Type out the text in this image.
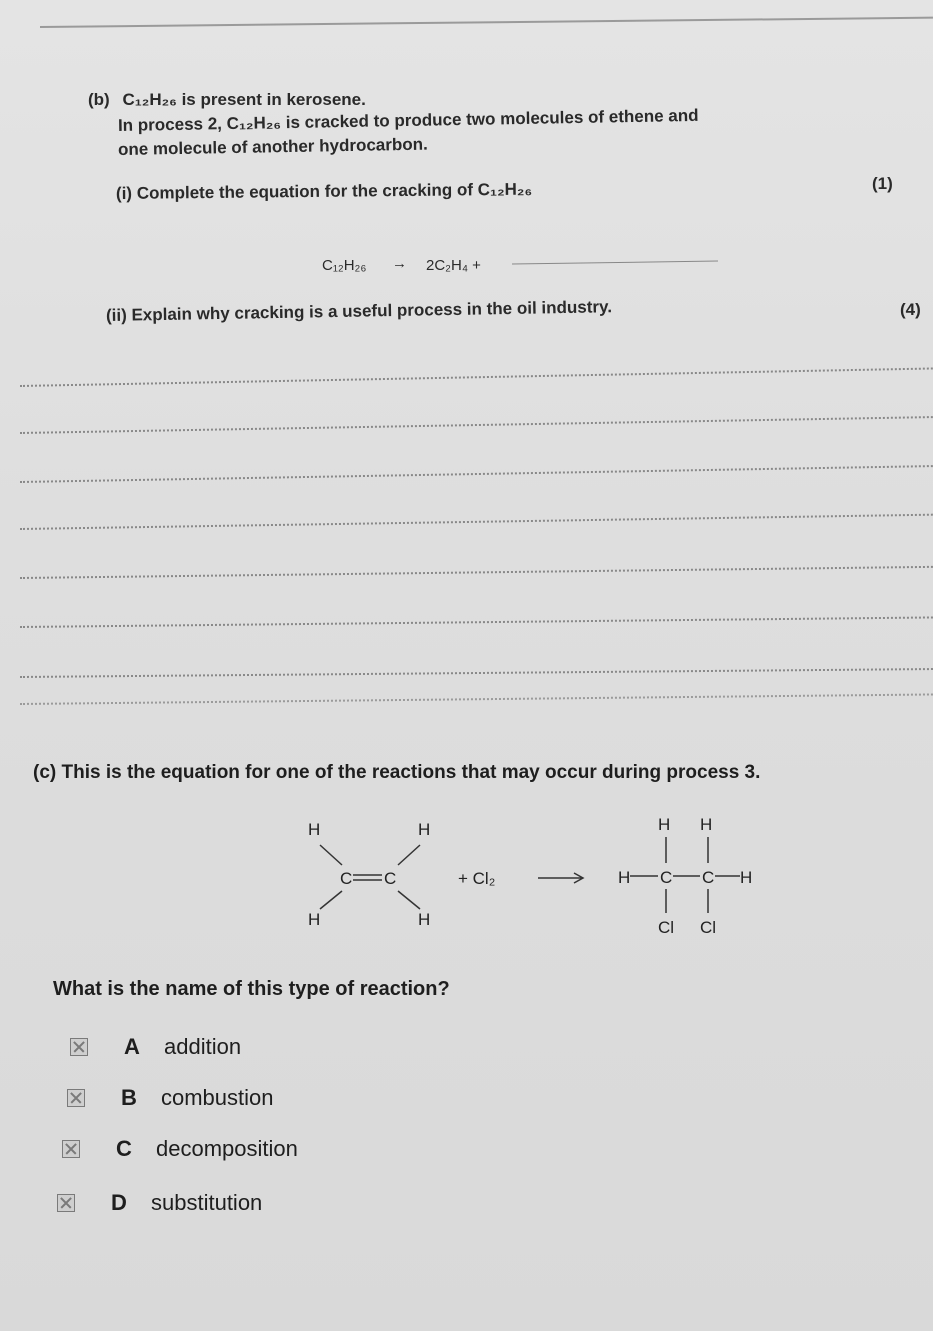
(b) C₁₂H₂₆ is present in kerosene.
In process 2, C₁₂H₂₆ is cracked to produce two molecules of ethene and
one molecule of another hydrocarbon.
(i) Complete the equation for the cracking of C₁₂H₂₆	(1)
C₁₂H₂₆ → 2C₂H₄ +
(ii) Explain why cracking is a useful process in the oil industry.	(4)
(c) This is the equation for one of the reactions that may occur during process 3.
H	H
H	H
C C	+ Cl₂
H H
H	H
C C
Cl Cl
What is the name of this type of reaction?
A	addition
B	combustion
C	decomposition
D	substitution
